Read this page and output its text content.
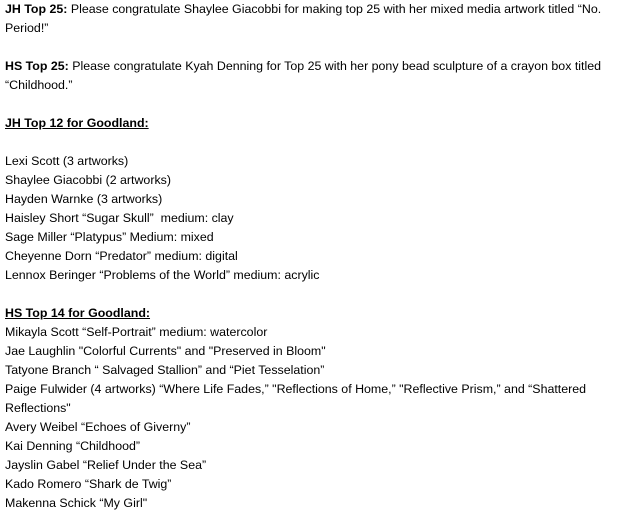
JH Top 25: Please congratulate Shaylee Giacobbi for making top 25 with her mixed media artwork titled “No. Period!”

HS Top 25: Please congratulate Kyah Denning for Top 25 with her pony bead sculpture of a crayon box titled “Childhood.”

JH Top 12 for Goodland:
Lexi Scott (3 artworks)
Shaylee Giacobbi (2 artworks)
Hayden Warnke (3 artworks)
Haisley Short “Sugar Skull”  medium: clay
Sage Miller “Platypus” Medium: mixed
Cheyenne Dorn “Predator” medium: digital
Lennox Beringer “Problems of the World” medium: acrylic
HS Top 14 for Goodland:
Mikayla Scott “Self-Portrait” medium: watercolor
Jae Laughlin "Colorful Currents" and "Preserved in Bloom"
Tatyone Branch “ Salvaged Stallion” and “Piet Tesselation”
Paige Fulwider (4 artworks) “Where Life Fades,” "Reflections of Home,” "Reflective Prism,” and “Shattered Reflections"
Avery Weibel “Echoes of Giverny”
Kai Denning “Childhood”
Jayslin Gabel “Relief Under the Sea”
Kado Romero “Shark de Twig”
Makenna Schick “My Girl"
